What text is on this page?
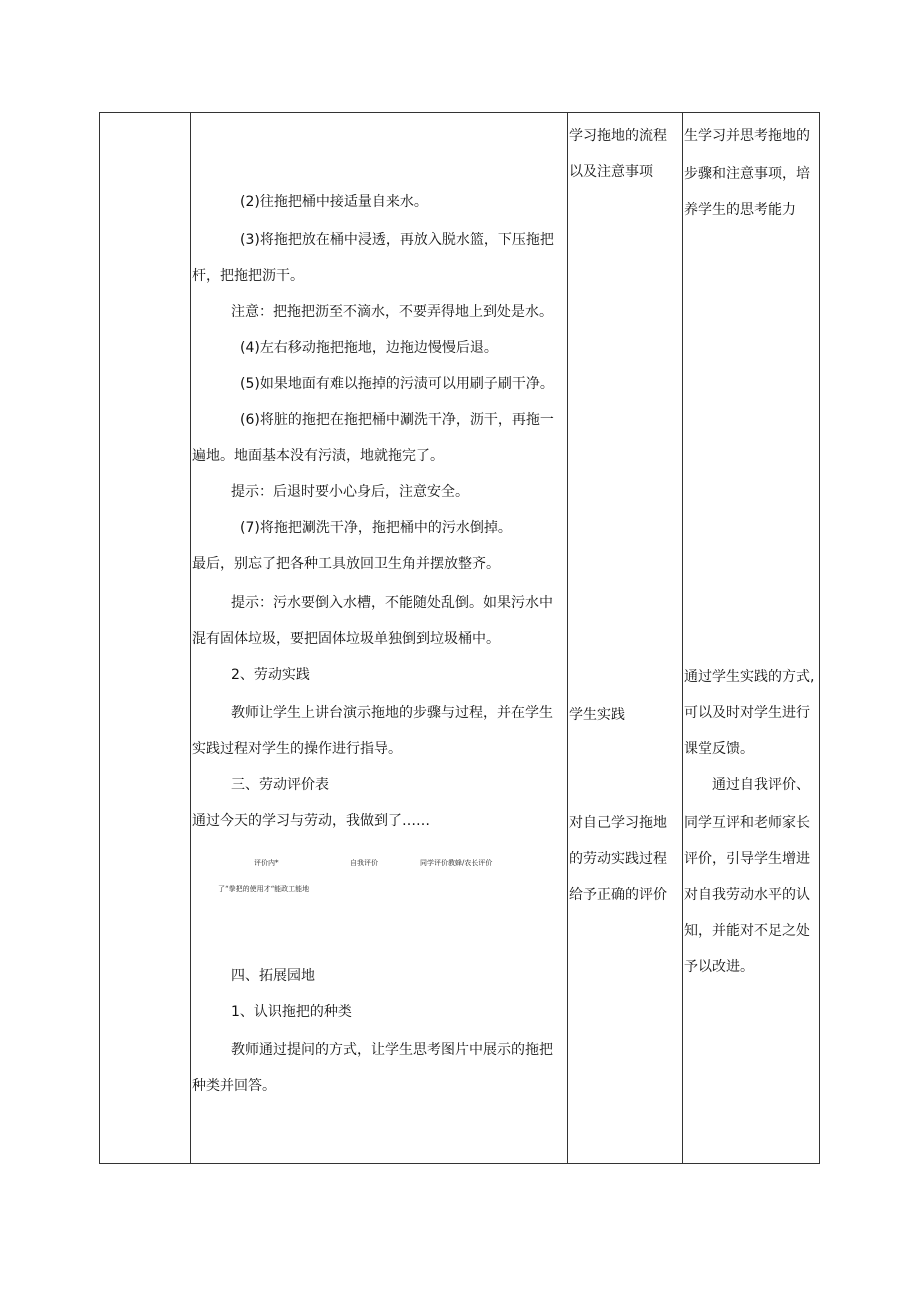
(2)往拖把桶中接适量自来水。
(3)将拖把放在桶中浸透，再放入脱水篮，下压拖把
杆，把拖把沥干。
注意：把拖把沥至不滴水，不要弄得地上到处是水。
(4)左右移动拖把拖地，边拖边慢慢后退。
(5)如果地面有难以拖掉的污渍可以用刷子刷干净。
(6)将脏的拖把在拖把桶中涮洗干净，沥干，再拖一
遍地。地面基本没有污渍，地就拖完了。
提示：后退时要小心身后，注意安全。
(7)将拖把涮洗干净，拖把桶中的污水倒掉。
最后，别忘了把各种工具放回卫生角并摆放整齐。
提示：污水要倒入水槽，不能随处乱倒。如果污水中
混有固体垃圾，要把固体垃圾单独倒到垃圾桶中。
2、劳动实践
教师让学生上讲台演示拖地的步骤与过程，并在学生
实践过程对学生的操作进行指导。
三、劳动评价表
通过今天的学习与劳动，我做到了……
评价内*	自我评价	同学评价教蜂/农长评价
了“拳把的使用才“能政工能地
四、拓展园地
1、认识拖把的种类
教师通过提问的方式，让学生思考图片中展示的拖把
种类并回答。
学习拖地的流程
以及注意事项
学生实践
对自己学习拖地
的劳动实践过程
给予正确的评价
生学习并思考拖地的
步骤和注意事项，培
养学生的思考能力
通过学生实践的方式,
可以及时对学生进行
课堂反馈。
通过自我评价、
同学互评和老师家长
评价，引导学生增进
对自我劳动水平的认
知，并能对不足之处
予以改进。
